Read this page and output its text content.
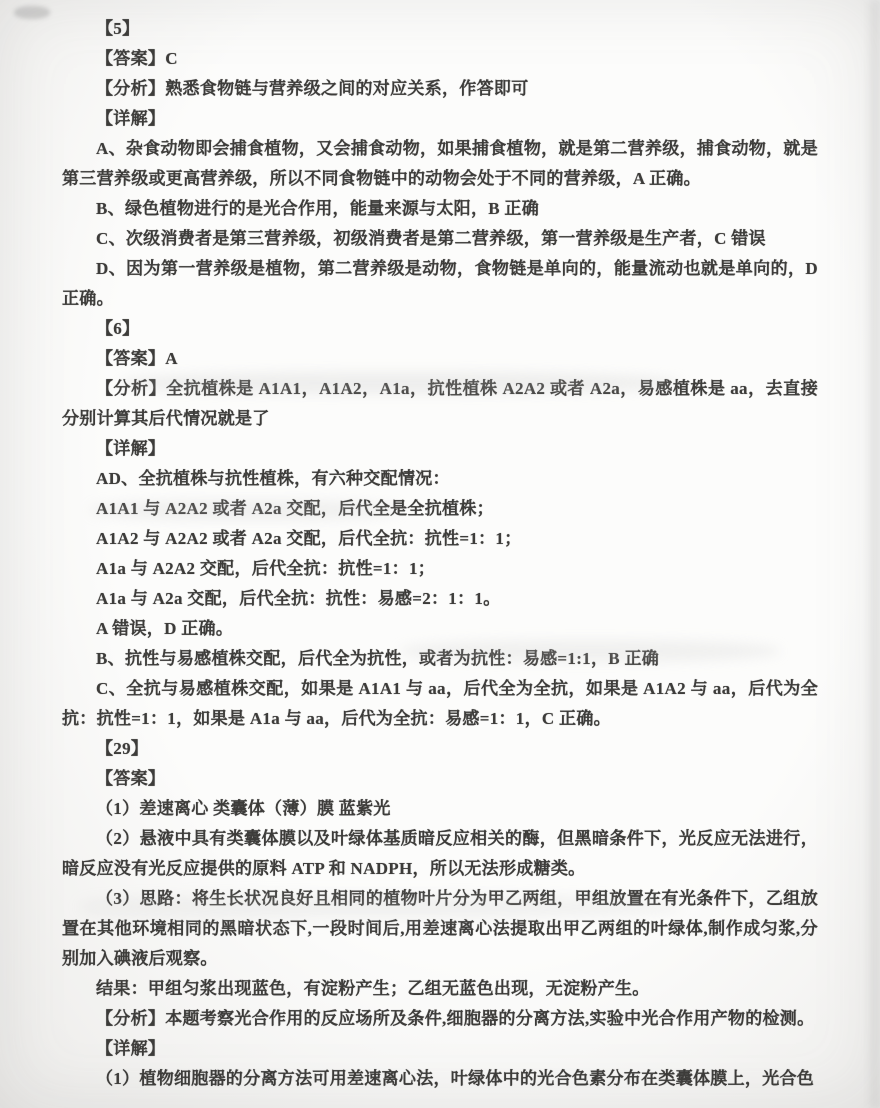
【5】

【答案】C

【分析】熟悉食物链与营养级之间的对应关系，作答即可

【详解】

A、杂食动物即会捕食植物，又会捕食动物，如果捕食植物，就是第二营养级，捕食动物，就是第三营养级或更高营养级，所以不同食物链中的动物会处于不同的营养级，A 正确。

B、绿色植物进行的是光合作用，能量来源与太阳，B 正确

C、次级消费者是第三营养级，初级消费者是第二营养级，第一营养级是生产者，C 错误

D、因为第一营养级是植物，第二营养级是动物，食物链是单向的，能量流动也就是单向的，D 正确。

【6】

【答案】A

【分析】全抗植株是 A1A1，A1A2，A1a，抗性植株 A2A2 或者 A2a，易感植株是 aa，去直接分别计算其后代情况就是了

【详解】

AD、全抗植株与抗性植株，有六种交配情况：

A1A1 与 A2A2 或者 A2a 交配，后代全是全抗植株；

A1A2 与 A2A2 或者 A2a 交配，后代全抗：抗性=1：1；

A1a 与 A2A2 交配，后代全抗：抗性=1：1；

A1a 与 A2a 交配，后代全抗：抗性：易感=2：1：1。

A 错误，D 正确。

B、抗性与易感植株交配，后代全为抗性，或者为抗性：易感=1:1，B 正确

C、全抗与易感植株交配，如果是 A1A1 与 aa，后代全为全抗，如果是 A1A2 与 aa，后代为全抗：抗性=1：1，如果是 A1a 与 aa，后代为全抗：易感=1：1，C 正确。

【29】

【答案】

（1）差速离心 类囊体（薄）膜 蓝紫光

（2）悬液中具有类囊体膜以及叶绿体基质暗反应相关的酶，但黑暗条件下，光反应无法进行，暗反应没有光反应提供的原料 ATP 和 NADPH，所以无法形成糖类。

（3）思路：将生长状况良好且相同的植物叶片分为甲乙两组，甲组放置在有光条件下，乙组放置在其他环境相同的黑暗状态下,一段时间后,用差速离心法提取出甲乙两组的叶绿体,制作成匀浆,分别加入碘液后观察。

结果：甲组匀浆出现蓝色，有淀粉产生；乙组无蓝色出现，无淀粉产生。

【分析】本题考察光合作用的反应场所及条件,细胞器的分离方法,实验中光合作用产物的检测。

【详解】

（1）植物细胞器的分离方法可用差速离心法，叶绿体中的光合色素分布在类囊体膜上，光合色
